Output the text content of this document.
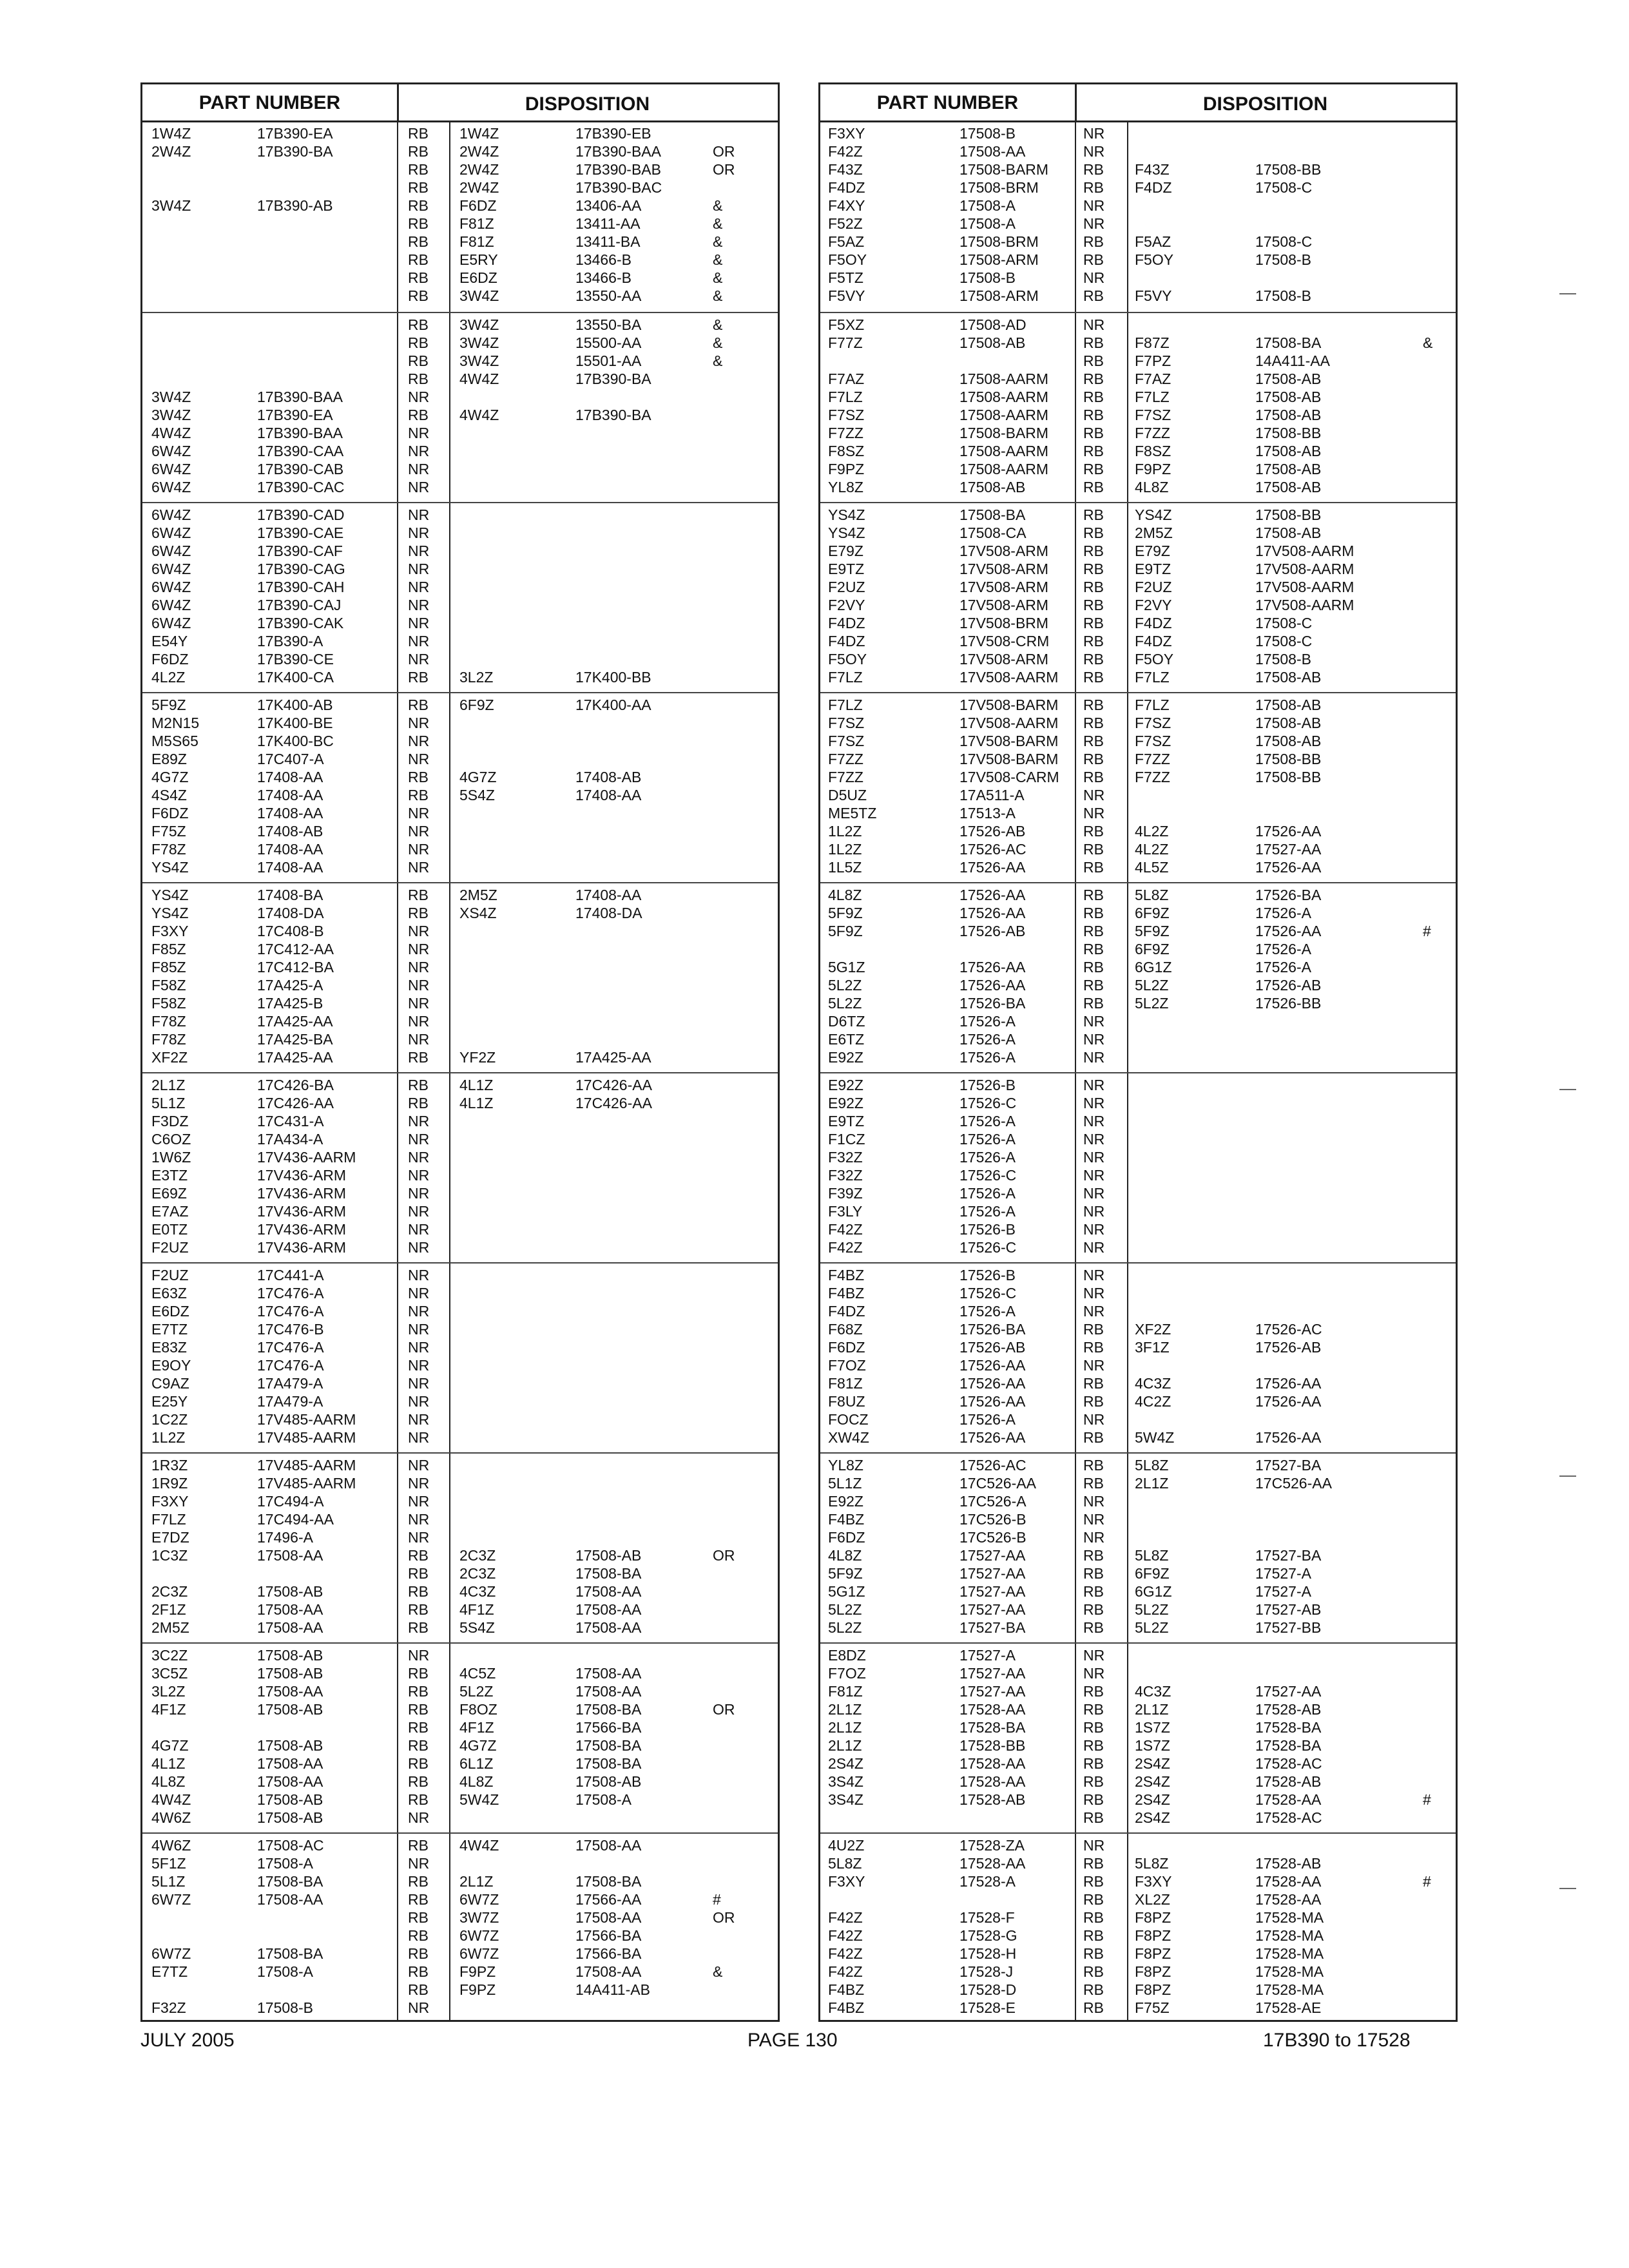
PART NUMBER	DISPOSITION
1W4Z	17B390-EA	RB 1W4Z	17B390-EB
2W4Z	17B390-BA	RB 2W4Z	17B390-BAA	OR
RB 2W4Z	17B390-BAB	OR
RB 2W4Z	17B390-BAC
3W4Z	17B390-AB	RB F6DZ	13406-AA	&
RB F81Z	13411-AA	&
RB F81Z	13411-BA	&
RB E5RY	13466-B	&
RB E6DZ	13466-B	&
RB 3W4Z	13550-AA	&
RB 3W4Z	13550-BA	&
RB 3W4Z	15500-AA	&
RB 3W4Z	15501-AA	&
RB 4W4Z	17B390-BA
3W4Z	17B390-BAA	NR
3W4Z	17B390-EA	RB 4W4Z	17B390-BA
4W4Z	17B390-BAA	NR
6W4Z	17B390-CAA	NR
6W4Z	17B390-CAB	NR
6W4Z	17B390-CAC	NR
6W4Z	17B390-CAD	NR
6W4Z	17B390-CAE	NR
6W4Z	17B390-CAF	NR
6W4Z	17B390-CAG	NR
6W4Z	17B390-CAH	NR
6W4Z	17B390-CAJ	NR
6W4Z	17B390-CAK	NR
E54Y	17B390-A	NR
F6DZ	17B390-CE	NR
4L2Z	17K400-CA	RB 3L2Z	17K400-BB
5F9Z	17K400-AB	RB 6F9Z	17K400-AA
M2N15	17K400-BE	NR
M5S65	17K400-BC	NR
E89Z	17C407-A	NR
4G7Z	17408-AA	RB 4G7Z	17408-AB
4S4Z	17408-AA	RB 5S4Z	17408-AA
F6DZ	17408-AA	NR
F75Z	17408-AB	NR
F78Z	17408-AA	NR
YS4Z	17408-AA	NR
YS4Z	17408-BA	RB 2M5Z	17408-AA
YS4Z	17408-DA	RB XS4Z	17408-DA
F3XY	17C408-B	NR
F85Z	17C412-AA	NR
F85Z	17C412-BA	NR
F58Z	17A425-A	NR
F58Z	17A425-B	NR
F78Z	17A425-AA	NR
F78Z	17A425-BA	NR
XF2Z	17A425-AA	RB YF2Z	17A425-AA
2L1Z	17C426-BA	RB 4L1Z	17C426-AA
5L1Z	17C426-AA	RB 4L1Z	17C426-AA
F3DZ	17C431-A	NR
C6OZ	17A434-A	NR
1W6Z	17V436-AARM	NR
E3TZ	17V436-ARM	NR
E69Z	17V436-ARM	NR
E7AZ	17V436-ARM	NR
E0TZ	17V436-ARM	NR
F2UZ	17V436-ARM	NR
F2UZ	17C441-A	NR
E63Z	17C476-A	NR
E6DZ	17C476-A	NR
E7TZ	17C476-B	NR
E83Z	17C476-A	NR
E9OY	17C476-A	NR
C9AZ	17A479-A	NR
E25Y	17A479-A	NR
1C2Z	17V485-AARM	NR
1L2Z	17V485-AARM	NR
1R3Z	17V485-AARM	NR
1R9Z	17V485-AARM	NR
F3XY	17C494-A	NR
F7LZ	17C494-AA	NR
E7DZ	17496-A	NR
1C3Z	17508-AA	RB 2C3Z	17508-AB	OR
RB 2C3Z	17508-BA
2C3Z	17508-AB	RB 4C3Z	17508-AA
2F1Z	17508-AA	RB 4F1Z	17508-AA
2M5Z	17508-AA	RB 5S4Z	17508-AA
3C2Z	17508-AB	NR
3C5Z	17508-AB	RB 4C5Z	17508-AA
3L2Z	17508-AA	RB 5L2Z	17508-AA
4F1Z	17508-AB	RB F8OZ	17508-BA	OR
RB 4F1Z	17566-BA
4G7Z	17508-AB	RB 4G7Z	17508-BA
4L1Z	17508-AA	RB 6L1Z	17508-BA
4L8Z	17508-AA	RB 4L8Z	17508-AB
4W4Z	17508-AB	RB 5W4Z	17508-A
4W6Z	17508-AB	NR
4W6Z	17508-AC	RB 4W4Z	17508-AA
5F1Z	17508-A	NR
5L1Z	17508-BA	RB 2L1Z	17508-BA
6W7Z	17508-AA	RB 6W7Z	17566-AA	#
RB 3W7Z	17508-AA	OR
RB 6W7Z	17566-BA
6W7Z	17508-BA	RB 6W7Z	17566-BA
E7TZ	17508-A	RB F9PZ	17508-AA	&
RB F9PZ	14A411-AB
F32Z	17508-B	NR
PART NUMBER	DISPOSITION
F3XY	17508-B	NR
F42Z	17508-AA	NR
F43Z	17508-BARM RB F43Z	17508-BB
F4DZ	17508-BRM	RB F4DZ	17508-C
F4XY	17508-A	NR
F52Z	17508-A	NR
F5AZ	17508-BRM	RB F5AZ	17508-C
F5OY	17508-ARM	RB F5OY	17508-B
F5TZ	17508-B	NR
F5VY	17508-ARM	RB F5VY	17508-B
F5XZ	17508-AD	NR
F77Z	17508-AB	RB F87Z	17508-BA	&
RB F7PZ	14A411-AA
F7AZ	17508-AARM RB F7AZ	17508-AB
F7LZ	17508-AARM RB F7LZ	17508-AB
F7SZ	17508-AARM RB F7SZ	17508-AB
F7ZZ	17508-BARM RB F7ZZ	17508-BB
F8SZ	17508-AARM RB F8SZ	17508-AB
F9PZ	17508-AARM RB F9PZ	17508-AB
YL8Z	17508-AB	RB 4L8Z	17508-AB
YS4Z	17508-BA	RB YS4Z	17508-BB
YS4Z	17508-CA	RB 2M5Z	17508-AB
E79Z	17V508-ARM RB E79Z	17V508-AARM
E9TZ	17V508-ARM RB E9TZ	17V508-AARM
F2UZ	17V508-ARM RB F2UZ	17V508-AARM
F2VY	17V508-ARM RB F2VY	17V508-AARM
F4DZ	17V508-BRM RB F4DZ	17508-C
F4DZ	17V508-CRM RB F4DZ	17508-C
F5OY	17V508-ARM RB F5OY	17508-B
F7LZ	17V508-AARM RB F7LZ	17508-AB
F7LZ	17V508-BARM RB F7LZ	17508-AB
F7SZ	17V508-AARM RB F7SZ	17508-AB
F7SZ	17V508-BARM RB F7SZ	17508-AB
F7ZZ	17V508-BARM RB F7ZZ	17508-BB
F7ZZ	17V508-CARM RB F7ZZ	17508-BB
D5UZ	17A511-A	NR
ME5TZ	17513-A	NR
1L2Z	17526-AB	RB 4L2Z	17526-AA
1L2Z	17526-AC	RB 4L2Z	17527-AA
1L5Z	17526-AA	RB 4L5Z	17526-AA
4L8Z	17526-AA	RB 5L8Z	17526-BA
5F9Z	17526-AA	RB 6F9Z	17526-A
5F9Z	17526-AB	RB 5F9Z	17526-AA	#
RB 6F9Z	17526-A
5G1Z	17526-AA	RB 6G1Z	17526-A
5L2Z	17526-AA	RB 5L2Z	17526-AB
5L2Z	17526-BA	RB 5L2Z	17526-BB
D6TZ	17526-A	NR
E6TZ	17526-A	NR
E92Z	17526-A	NR
E92Z	17526-B	NR
E92Z	17526-C	NR
E9TZ	17526-A	NR
F1CZ	17526-A	NR
F32Z	17526-A	NR
F32Z	17526-C	NR
F39Z	17526-A	NR
F3LY	17526-A	NR
F42Z	17526-B	NR
F42Z	17526-C	NR
F4BZ	17526-B	NR
F4BZ	17526-C	NR
F4DZ	17526-A	NR
F68Z	17526-BA	RB XF2Z	17526-AC
F6DZ	17526-AB	RB 3F1Z	17526-AB
F7OZ	17526-AA	NR
F81Z	17526-AA	RB 4C3Z	17526-AA
F8UZ	17526-AA	RB 4C2Z	17526-AA
FOCZ	17526-A	NR
XW4Z	17526-AA	RB 5W4Z	17526-AA
YL8Z	17526-AC	RB 5L8Z	17527-BA
5L1Z	17C526-AA	RB 2L1Z	17C526-AA
E92Z	17C526-A	NR
F4BZ	17C526-B	NR
F6DZ	17C526-B	NR
4L8Z	17527-AA	RB 5L8Z	17527-BA
5F9Z	17527-AA	RB 6F9Z	17527-A
5G1Z	17527-AA	RB 6G1Z	17527-A
5L2Z	17527-AA	RB 5L2Z	17527-AB
5L2Z	17527-BA	RB 5L2Z	17527-BB
E8DZ	17527-A	NR
F7OZ	17527-AA	NR
F81Z	17527-AA	RB 4C3Z	17527-AA
2L1Z	17528-AA	RB 2L1Z	17528-AB
2L1Z	17528-BA	RB 1S7Z	17528-BA
2L1Z	17528-BB	RB 1S7Z	17528-BA
2S4Z	17528-AA	RB 2S4Z	17528-AC
3S4Z	17528-AA	RB 2S4Z	17528-AB
3S4Z	17528-AB	RB 2S4Z	17528-AA	#
RB 2S4Z	17528-AC
4U2Z	17528-ZA	NR
5L8Z	17528-AA	RB 5L8Z	17528-AB
F3XY	17528-A	RB F3XY	17528-AA	#
RB XL2Z	17528-AA
F42Z	17528-F	RB F8PZ	17528-MA
F42Z	17528-G	RB F8PZ	17528-MA
F42Z	17528-H	RB F8PZ	17528-MA
F42Z	17528-J	RB F8PZ	17528-MA
F4BZ	17528-D	RB F8PZ	17528-MA
F4BZ	17528-E	RB F75Z	17528-AE
JULY 2005	PAGE 130	17B390 to 17528
